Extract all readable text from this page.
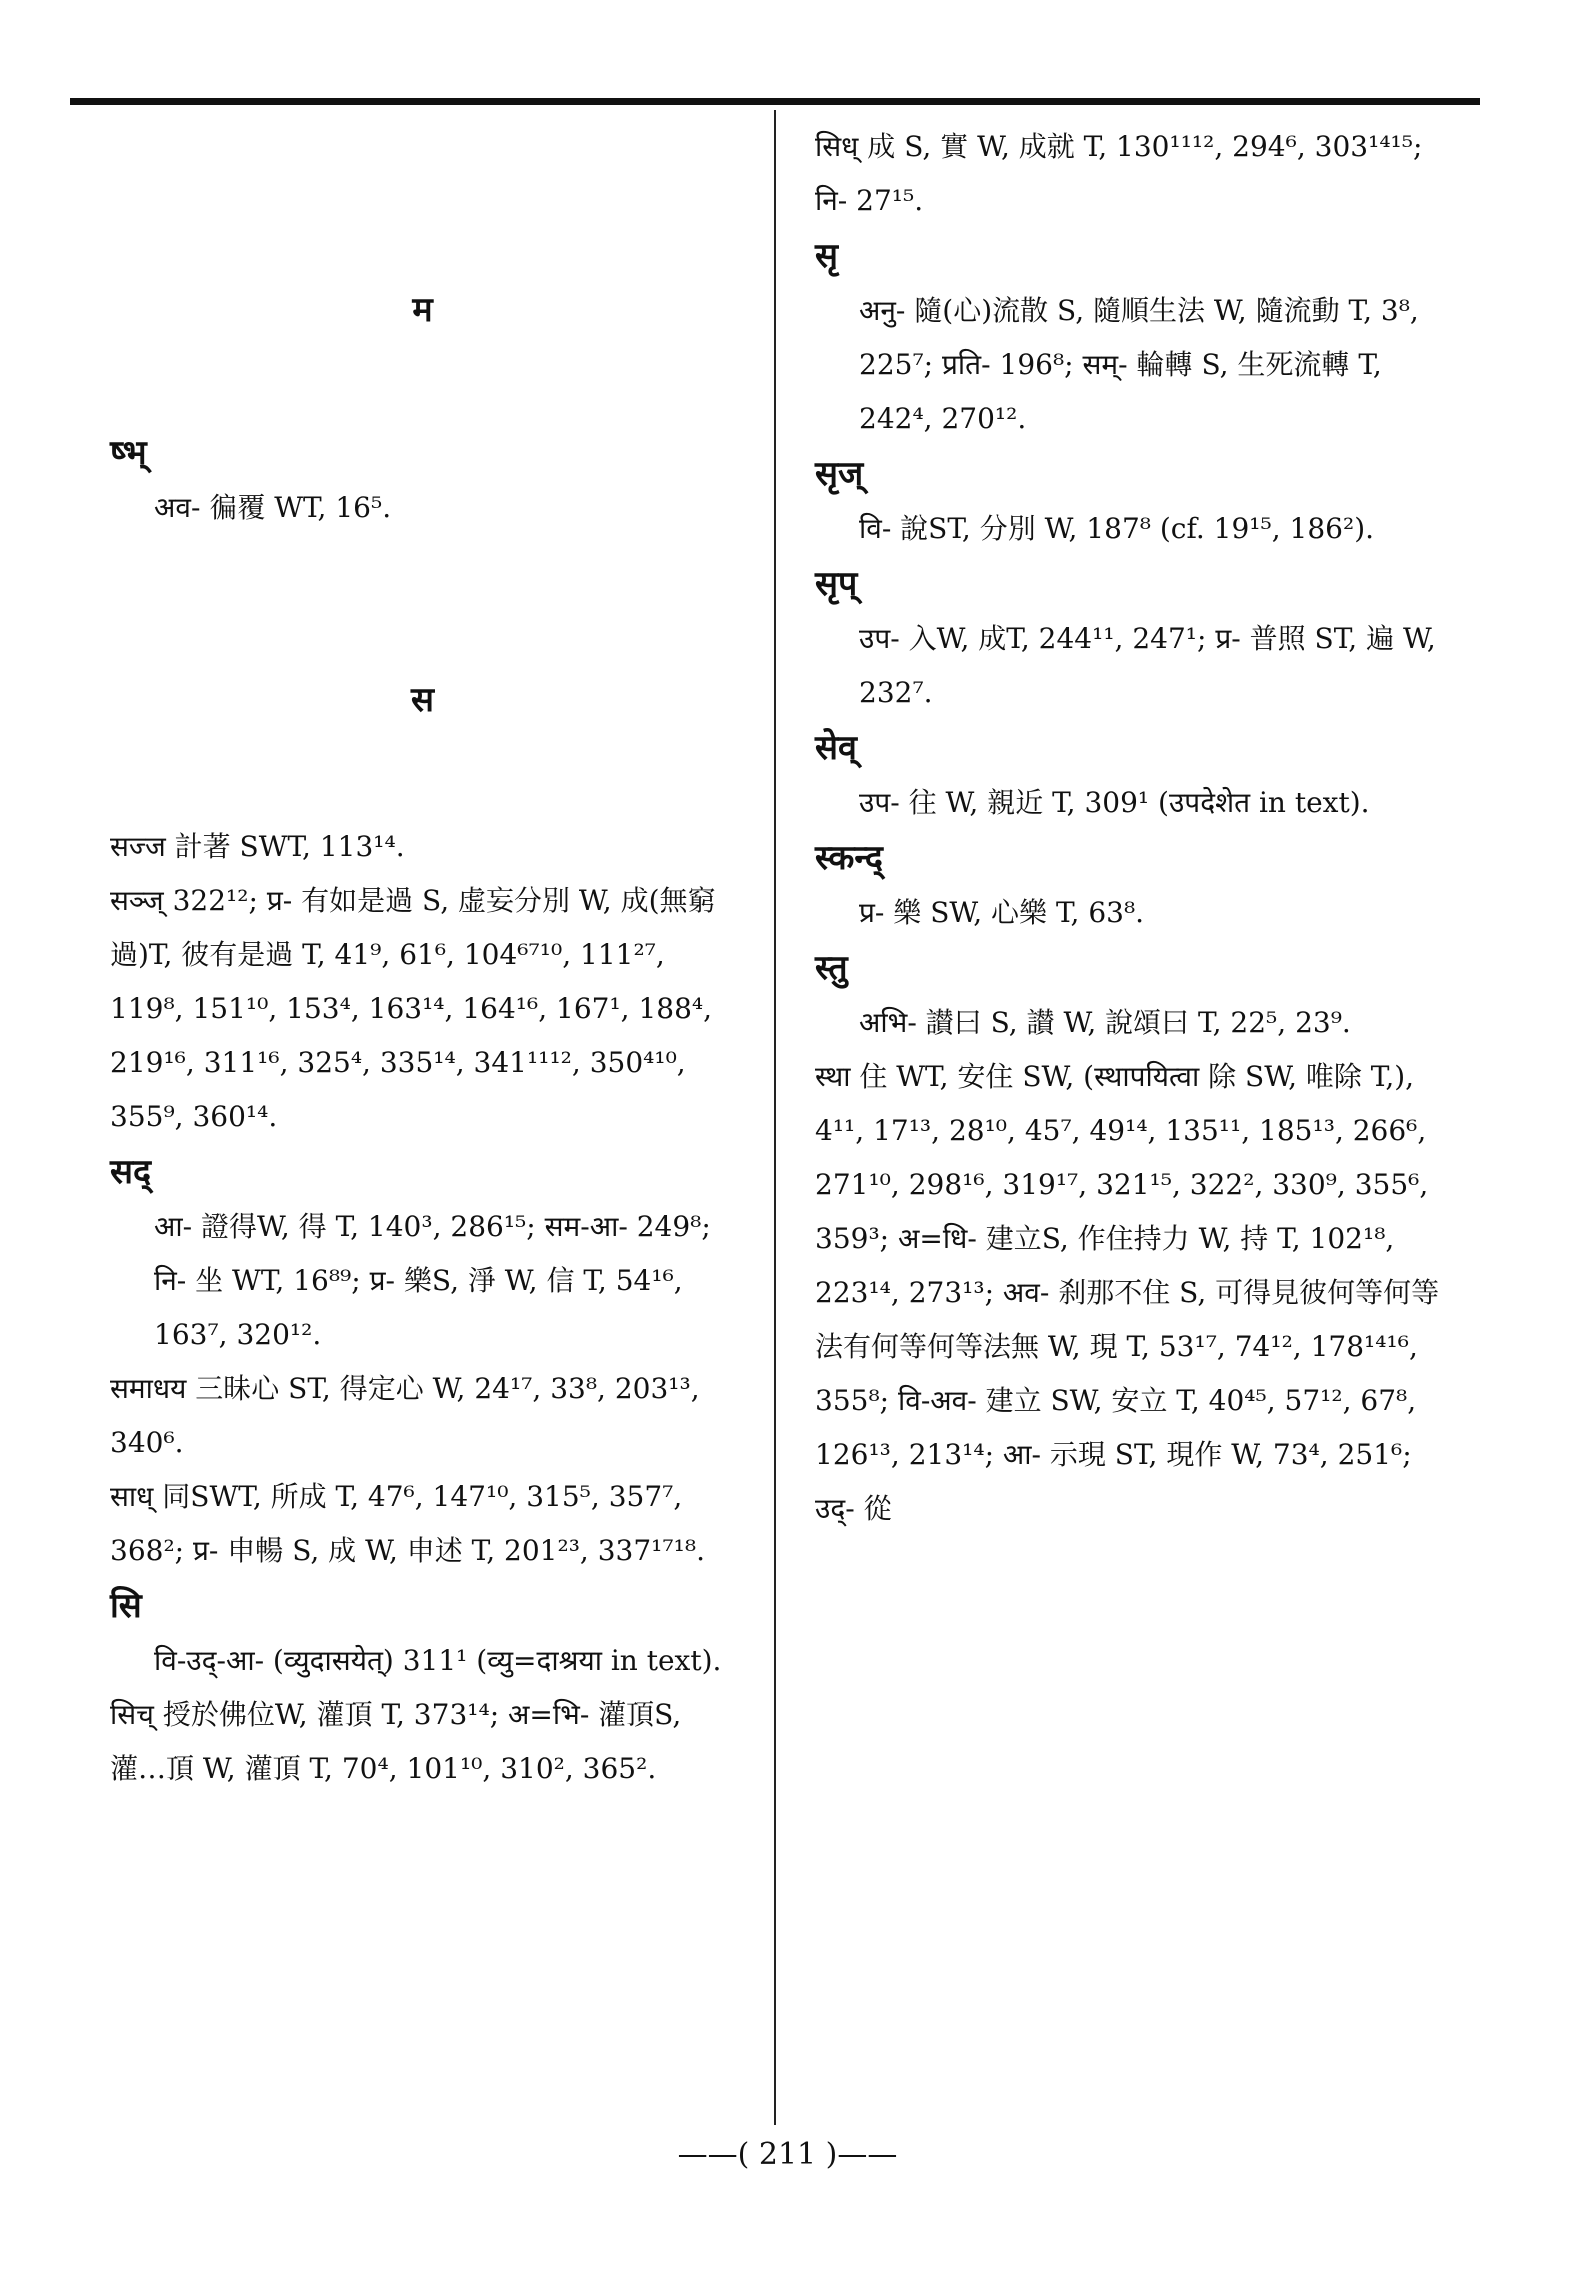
म
ष्भ्
अव- 徧覆 WT, 16⁵.
स
सज्ज 計著 SWT, 113¹⁴.
सञ्ज् 322¹²; प्र- 有如是過 S, 虚妄分別 W, 成(無窮過)T, 彼有是過 T, 41⁹, 61⁶, 104⁶⁷¹⁰, 111²⁷, 119⁸, 151¹⁰, 153⁴, 163¹⁴, 164¹⁶, 167¹, 188⁴, 219¹⁶, 311¹⁶, 325⁴, 335¹⁴, 341¹¹¹², 350⁴¹⁰, 355⁹, 360¹⁴.
सद्
आ- 證得W, 得 T, 140³, 286¹⁵; सम-आ- 249⁸; नि- 坐 WT, 16⁸⁹; प्र- 樂S, 淨 W, 信 T, 54¹⁶, 163⁷, 320¹².
समाधय 三昧心 ST, 得定心 W, 24¹⁷, 33⁸, 203¹³, 340⁶.
साध् 同SWT, 所成 T, 47⁶, 147¹⁰, 315⁵, 357⁷, 368²; प्र- 申暢 S, 成 W, 申述 T, 201²³, 337¹⁷¹⁸.
सि
वि-उद्-आ- (व्युदासयेत्) 311¹ (व्यु=दाश्रया in text).
सिच् 授於佛位W, 灌頂 T, 373¹⁴; अ=भि- 灌頂S, 灌…頂 W, 灌頂 T, 70⁴, 101¹⁰, 310², 365².
सिध् 成 S, 實 W, 成就 T, 130¹¹¹², 294⁶, 303¹⁴¹⁵; नि- 27¹⁵.
सृ
अनु- 隨(心)流散 S, 隨順生法 W, 隨流動 T, 3⁸, 225⁷; प्रति- 196⁸; सम्- 輪轉 S, 生死流轉 T, 242⁴, 270¹².
सृज्
वि- 說ST, 分別 W, 187⁸ (cf. 19¹⁵, 186²).
सृप्
उप- 入W, 成T, 244¹¹, 247¹; प्र- 普照 ST, 遍 W, 232⁷.
सेव्
उप- 往 W, 親近 T, 309¹ (उपदेशेत in text).
स्कन्द्
प्र- 樂 SW, 心樂 T, 63⁸.
स्तु
अभि- 讃曰 S, 讃 W, 說頌曰 T, 22⁵, 23⁹.
स्था 住 WT, 安住 SW, (स्थापयित्वा 除 SW, 唯除 T,), 4¹¹, 17¹³, 28¹⁰, 45⁷, 49¹⁴, 135¹¹, 185¹³, 266⁶, 271¹⁰, 298¹⁶, 319¹⁷, 321¹⁵, 322², 330⁹, 355⁶, 359³; अ=धि- 建立S, 作住持力 W, 持 T, 102¹⁸, 223¹⁴, 273¹³; अव- 刹那不住 S, 可得見彼何等何等法有何等何等法無 W, 現 T, 53¹⁷, 74¹², 178¹⁴¹⁶, 355⁸; वि-अव- 建立 SW, 安立 T, 40⁴⁵, 57¹², 67⁸, 126¹³, 213¹⁴; आ- 示現 ST, 現作 W, 73⁴, 251⁶; उद्- 從
——( 211 )——
